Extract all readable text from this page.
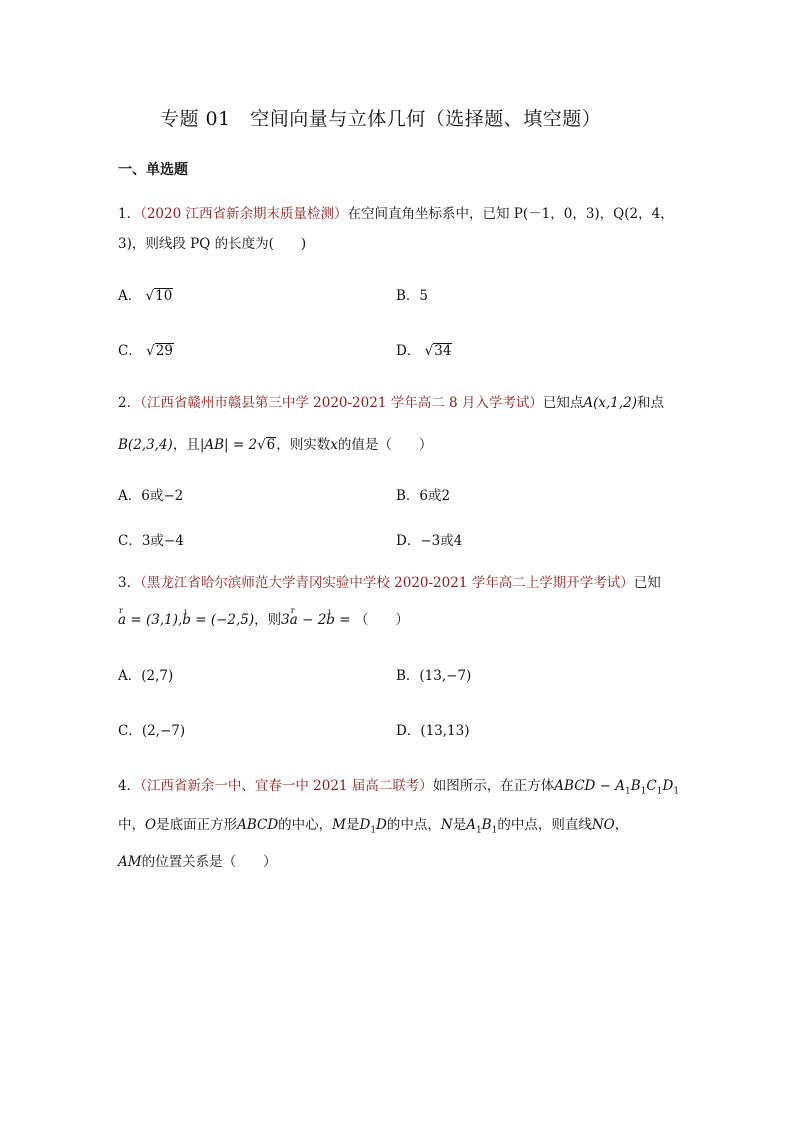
专题 01　空间向量与立体几何（选择题、填空题）
一、单选题
1．（2020 江西省新余期末质量检测）在空间直角坐标系中，已知 P(－1，0，3)，Q(2，4，
3)，则线段 PQ 的长度为(　　)
A． √10	B．5
C． √29	D． √34
2．（江西省赣州市赣县第三中学 2020-2021 学年高二 8 月入学考试）已知点A(x,1,2)和点
B(2,3,4)，且|AB| = 2√6，则实数x的值是（　　）
A．6或−2	B．6或2
C．3或−4	D．−3或4
3．（黑龙江省哈尔滨师范大学青冈实验中学校 2020-2021 学年高二上学期开学考试）已知
r a = (3,1),ι b = (−2,5)，则3r a − 2ι b = （　　）
A．(2,7)	B．(13,−7)
C．(2,−7)	D．(13,13)
4．（江西省新余一中、宜春一中 2021 届高二联考）如图所示，在正方体ABCD − $A_1B_1C_1D_1$
中，O是底面正方形ABCD的中心，M是$D_1D$的中点，N是$A_1B_1$的中点，则直线NO，
AM的位置关系是（　　）
